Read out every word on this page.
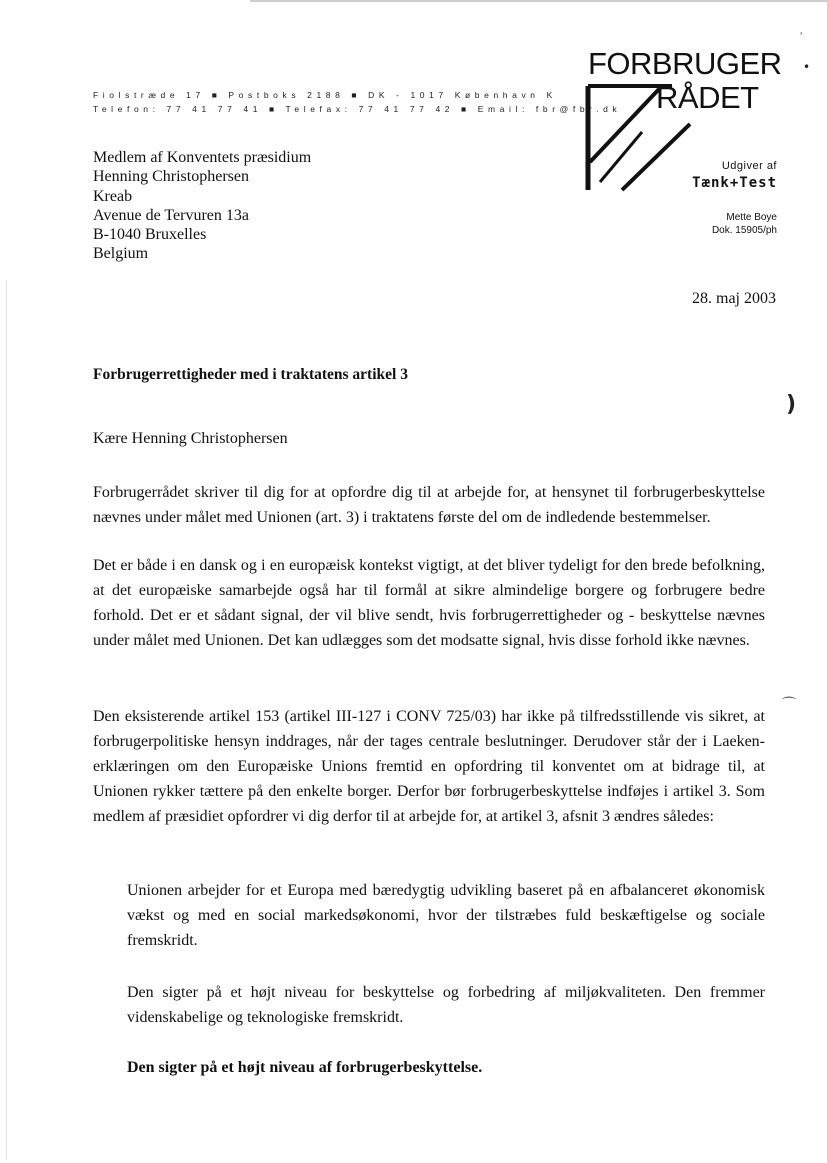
Fiolstræde 17 ■ Postboks 2188 ■ DK - 1017 København K
Telefon: 77 41 77 41 ■ Telefax: 77 41 77 42 ■ Email: fbr@fbr.dk
FORBRUGER
RÅDET
Udgiver af
Tænk+Test
Mette Boye
Dok. 15905/ph
Medlem af Konventets præsidium
Henning Christophersen
Kreab
Avenue de Tervuren 13a
B-1040 Bruxelles
Belgium
28. maj 2003
Forbrugerrettigheder med i traktatens artikel 3
Kære Henning Christophersen
Forbrugerrådet skriver til dig for at opfordre dig til at arbejde for, at hensynet til forbrugerbeskyttelse nævnes under målet med Unionen (art. 3) i traktatens første del om de indledende bestemmelser.
Det er både i en dansk og i en europæisk kontekst vigtigt, at det bliver tydeligt for den brede befolkning, at det europæiske samarbejde også har til formål at sikre almindelige borgere og forbrugere bedre forhold. Det er et sådant signal, der vil blive sendt, hvis forbrugerrettigheder og - beskyttelse nævnes under målet med Unionen. Det kan udlægges som det modsatte signal, hvis disse forhold ikke nævnes.
Den eksisterende artikel 153 (artikel III-127 i CONV 725/03) har ikke på tilfredsstillende vis sikret, at forbrugerpolitiske hensyn inddrages, når der tages centrale beslutninger. Derudover står der i Laeken-erklæringen om den Europæiske Unions fremtid en opfordring til konventet om at bidrage til, at Unionen rykker tættere på den enkelte borger. Derfor bør forbrugerbeskyttelse indføjes i artikel 3. Som medlem af præsidiet opfordrer vi dig derfor til at arbejde for, at artikel 3, afsnit 3 ændres således:
Unionen arbejder for et Europa med bæredygtig udvikling baseret på en afbalanceret økonomisk vækst og med en social markedsøkonomi, hvor der tilstræbes fuld beskæftigelse og sociale fremskridt.
Den sigter på et højt niveau for beskyttelse og forbedring af miljøkvaliteten. Den fremmer videnskabelige og teknologiske fremskridt.
Den sigter på et højt niveau af forbrugerbeskyttelse.
˒
•
)
⌒
